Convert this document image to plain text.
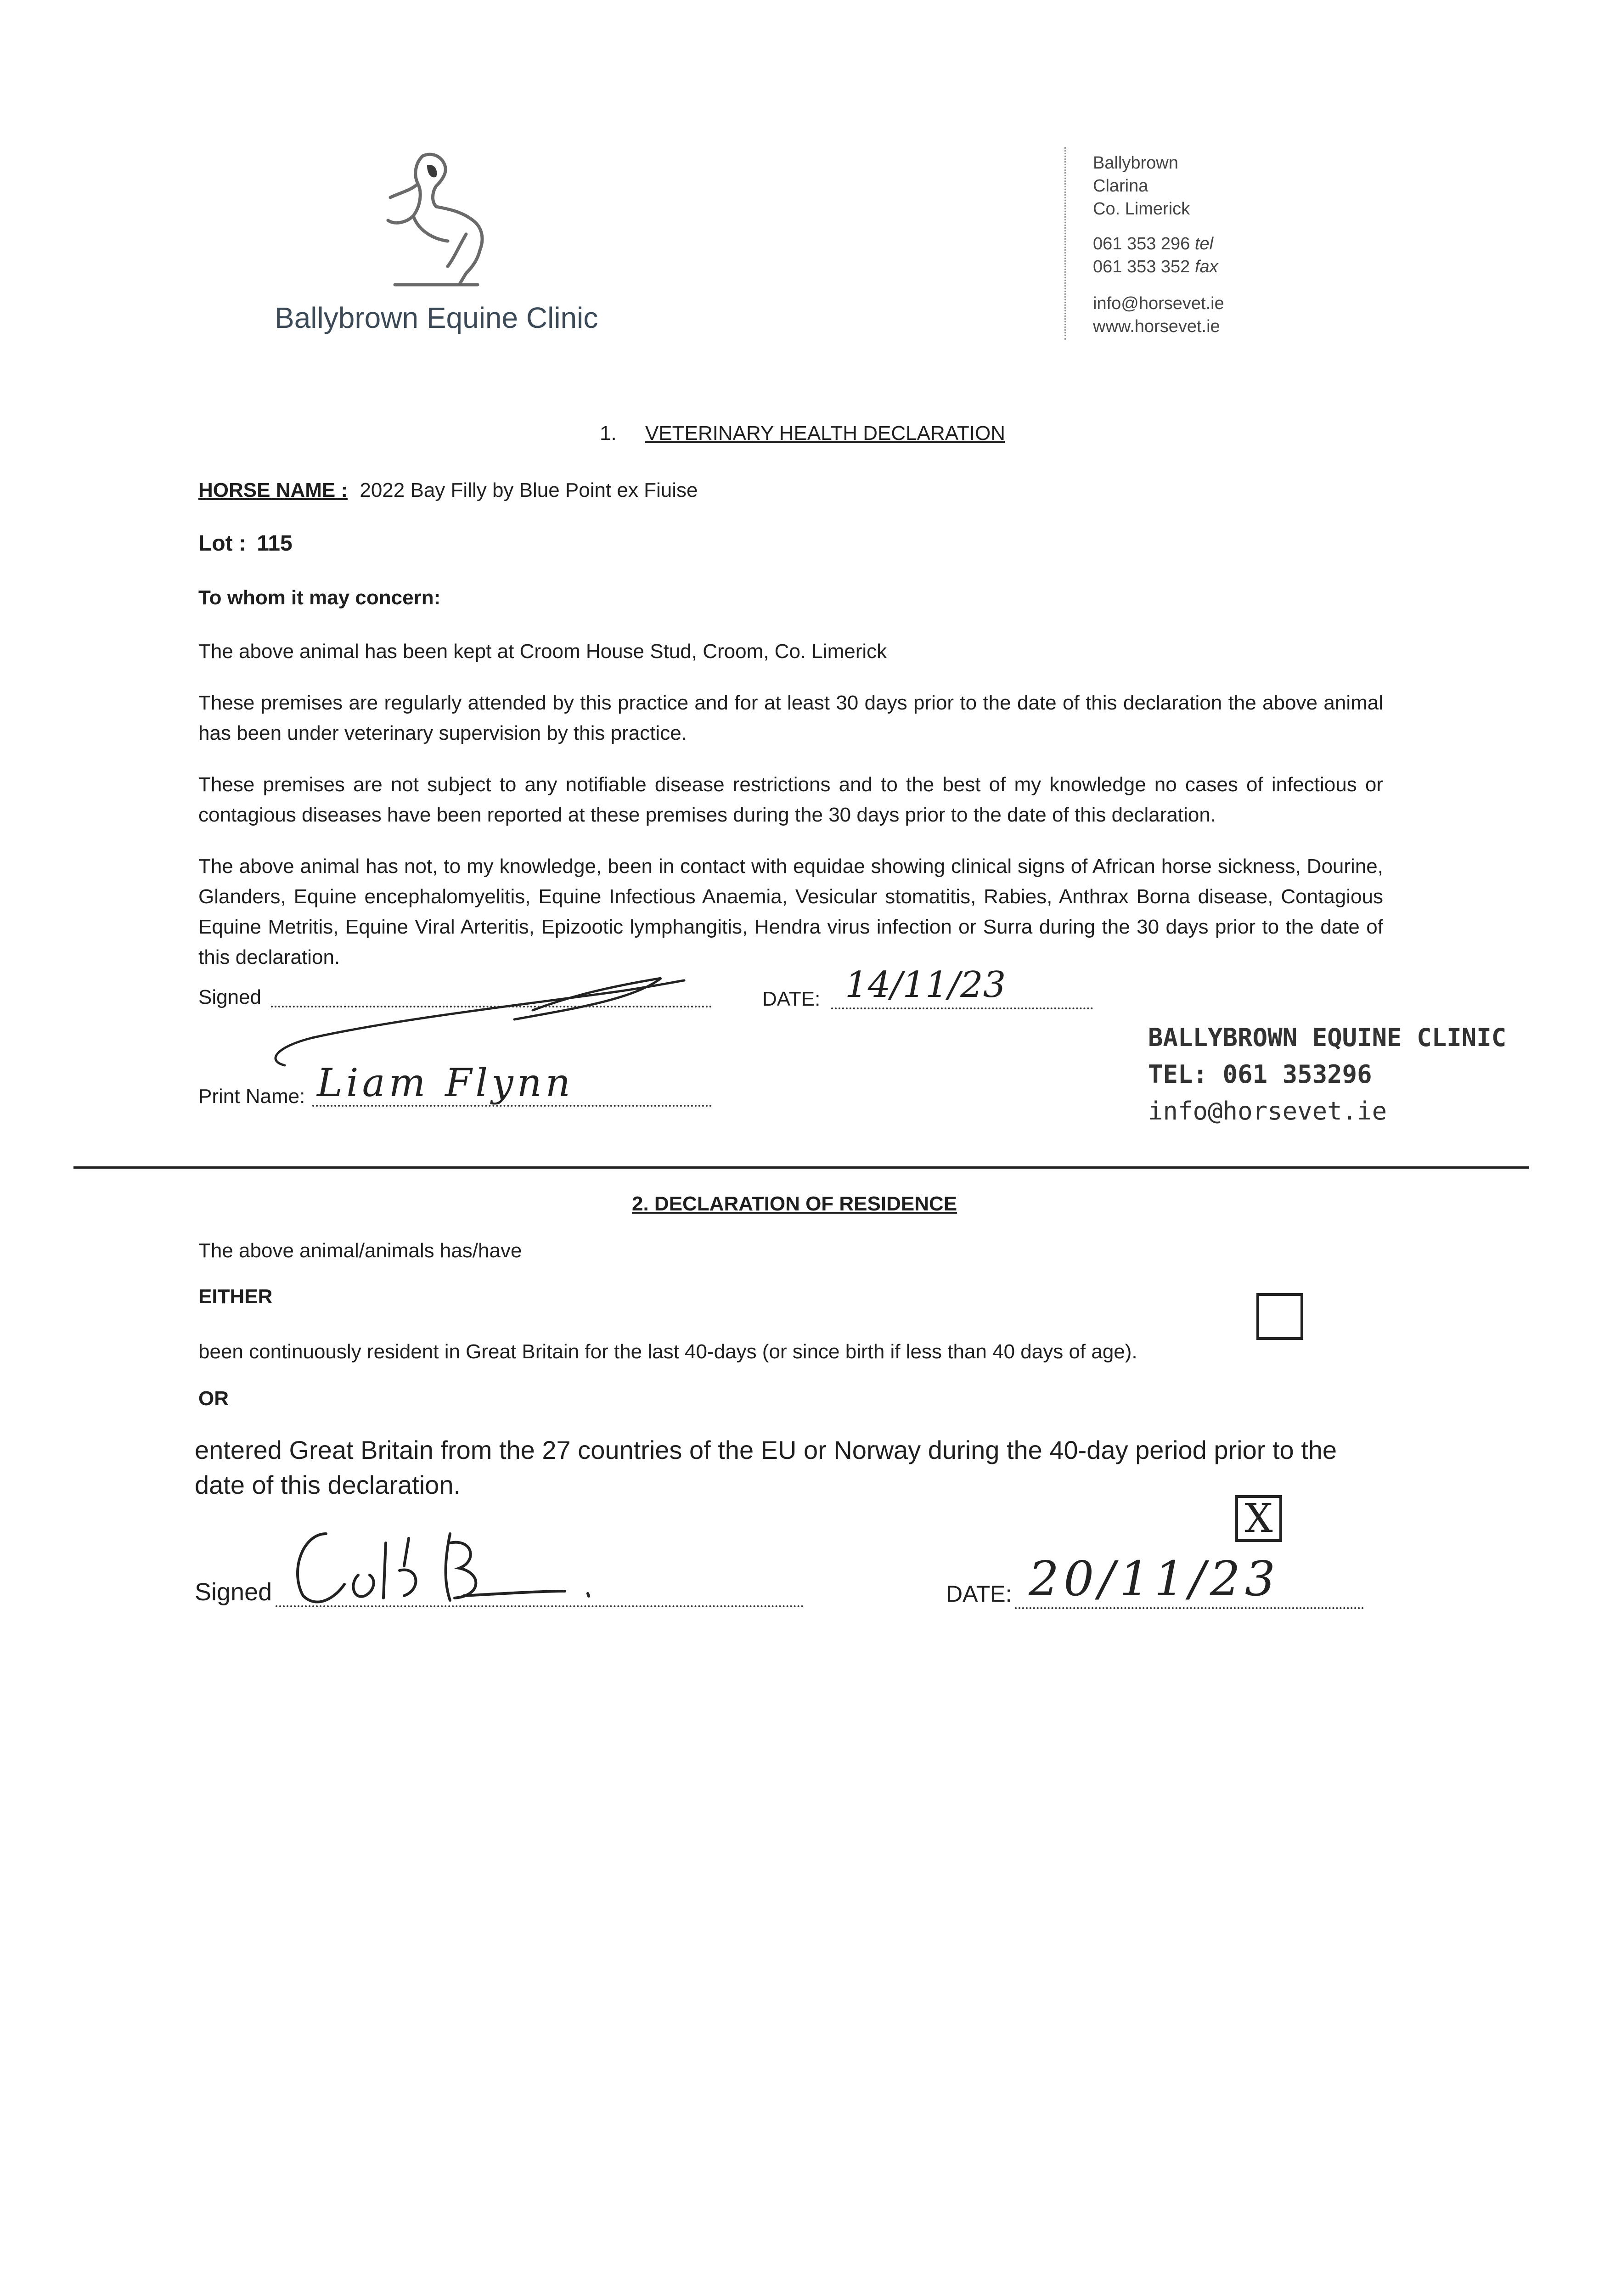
Ballybrown Equine Clinic
Ballybrown
Clarina
Co. Limerick
061 353 296 tel
061 353 352 fax
info@horsevet.ie
www.horsevet.ie
1. VETERINARY HEALTH DECLARATION
HORSE NAME : 2022 Bay Filly by Blue Point ex Fiuise
Lot : 115
To whom it may concern:
The above animal has been kept at Croom House Stud, Croom, Co. Limerick
These premises are regularly attended by this practice and for at least 30 days prior to the date of this declaration the above animal has been under veterinary supervision by this practice.
These premises are not subject to any notifiable disease restrictions and to the best of my knowledge no cases of infectious or contagious diseases have been reported at these premises during the 30 days prior to the date of this declaration.
The above animal has not, to my knowledge, been in contact with equidae showing clinical signs of African horse sickness, Dourine, Glanders, Equine encephalomyelitis, Equine Infectious Anaemia, Vesicular stomatitis, Rabies, Anthrax Borna disease, Contagious Equine Metritis, Equine Viral Arteritis, Epizootic lymphangitis, Hendra virus infection or Surra during the 30 days prior to the date of this declaration.
Signed	DATE: 14/11/23
Print Name: Liam Flynn
BALLYBROWN EQUINE CLINIC
TEL: 061 353296
info@horsevet.ie
2. DECLARATION OF RESIDENCE
The above animal/animals has/have
EITHER
been continuously resident in Great Britain for the last 40-days (or since birth if less than 40 days of age).
OR
entered Great Britain from the 27 countries of the EU or Norway during the 40-day period prior to the date of this declaration.
X
Signed	DATE: 20/11/23
